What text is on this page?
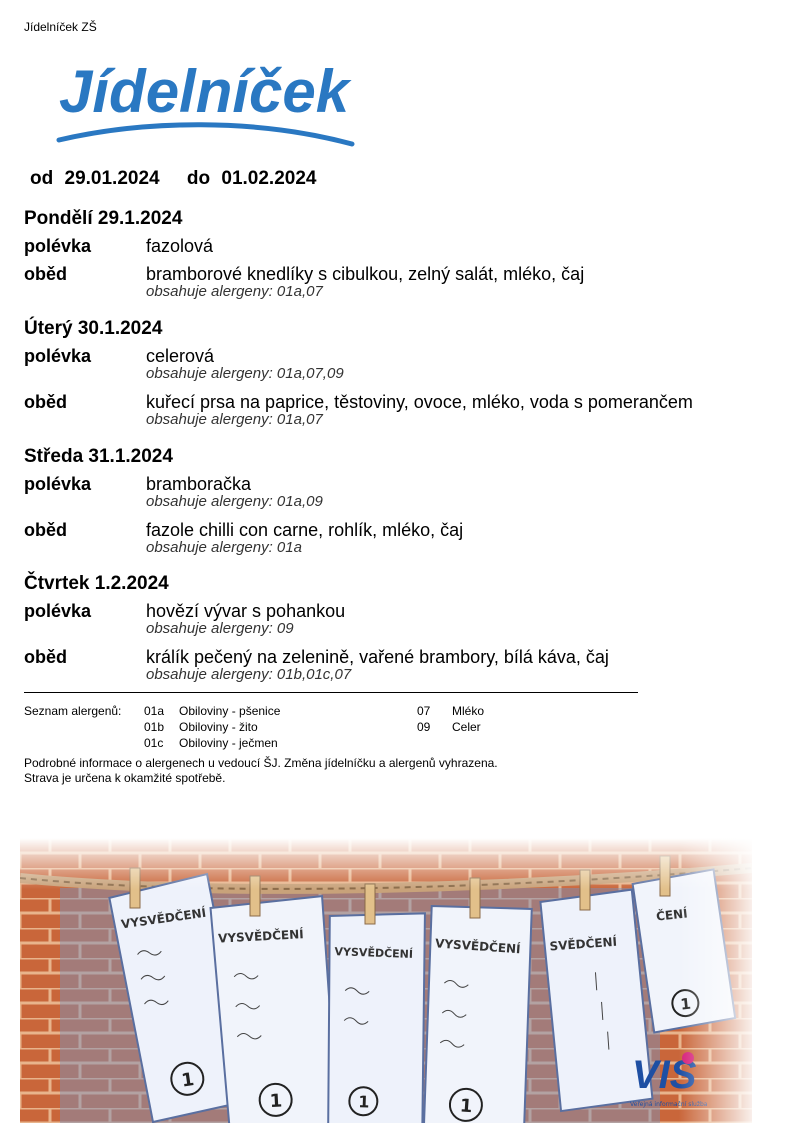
Jídelníček ZŠ
Jídelníček
od 29.01.2024 do 01.02.2024
Pondělí 29.1.2024
polévka	fazolová
oběd	bramborové knedlíky s cibulkou, zelný salát, mléko, čaj
obsahuje alergeny: 01a,07
Úterý 30.1.2024
polévka	celerová
obsahuje alergeny: 01a,07,09
oběd	kuřecí prsa na paprice, těstoviny, ovoce, mléko, voda s pomerančem
obsahuje alergeny: 01a,07
Středa 31.1.2024
polévka	bramboračka
obsahuje alergeny: 01a,09
oběd	fazole chilli con carne, rohlík, mléko, čaj
obsahuje alergeny: 01a
Čtvrtek 1.2.2024
polévka	hovězí vývar s pohankou
obsahuje alergeny: 09
oběd	králík pečený na zelenině, vařené brambory, bílá káva, čaj
obsahuje alergeny: 01b,01c,07
Seznam alergenů: 01a Obiloviny - pšenice
01b Obiloviny - žito
01c Obiloviny - ječmen
07 Mléko
09 Celer
Podrobné informace o alergenech u vedoucí ŠJ. Změna jídelníčku a alergenů vyhrazena.
Strava je určena k okamžité spotřebě.
